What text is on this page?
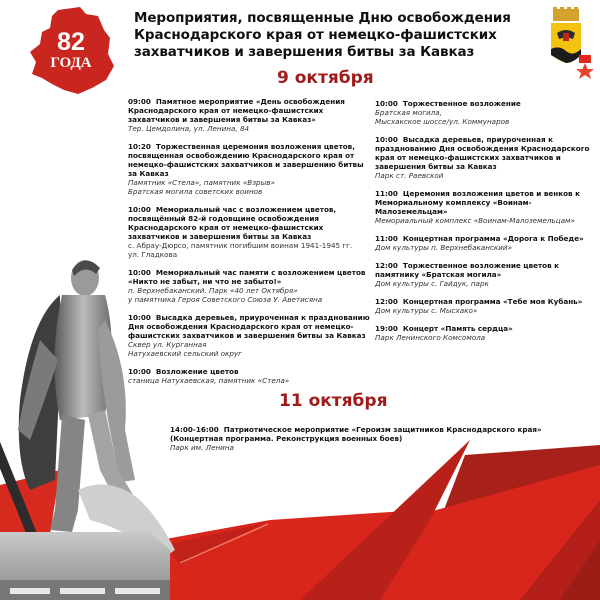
82
ГОДА
Мероприятия, посвященные Дню освобождения
Краснодарского края от немецко-фашистских
захватчиков и завершения битвы за Кавказ
9 октября
09:00 Памятное мероприятие «День освобождения Краснодарского края от немецко-фашистских захватчиков и завершения битвы за Кавказ»
Тер. Цемдолина, ул. Ленина, 84
10:20 Торжественная церемония возложения цветов, посвященная освобождению Краснодарского края от немецко-фашистских захватчиков и завершению битвы за Кавказ
Памятник «Стела», памятник «Взрыв»
Братская могила советских воинов
10:00 Мемориальный час с возложением цветов, посвящённый 82-й годовщине освобождения Краснодарского края от немецко-фашистских захватчиков и завершения битвы за Кавказ
с. Абрау-Дюрсо, памятник погибшим воинам 1941-1945 гг.
ул. Гладкова
10:00 Мемориальный час памяти с возложением цветов «Никто не забыт, ни что не забыто!»
п. Верхнебаканский. Парк «40 лет Октября»
у памятника Героя Советского Союза У. Аветисяна
10:00 Высадка деревьев, приуроченная к празднованию Дня освобождения Краснодарского края от немецко-фашистских захватчиков и завершения битвы за Кавказ
Сквер ул. Курганная
Натухаевский сельский округ
10:00 Возложение цветов
станица Натухаевская, памятник «Стела»
10:00 Торжественное возложение
Братская могила,
Мысхакское шоссе/ул. Коммунаров
10:00 Высадка деревьев, приуроченная к празднованию Дня освобождения Краснодарского края от немецко-фашистских захватчиков и завершения битвы за Кавказ
Парк ст. Раевской
11:00 Церемония возложения цветов и венков к Мемориальному комплексу «Воинам- Малоземельцам»
Мемориальный комплекс «Воинам-Малоземельцам»
11:00 Концертная программа «Дорога к Победе»
Дом культуры п. Верхнебаканский»
12:00 Торжественное возложение цветов к памятнику «Братская могила»
Дом культуры с. Гайдук, парк
12:00 Концертная программа «Тебе моя Кубань»
Дом культуры с. Мысхако»
19:00 Концерт «Память сердца»
Парк Ленинского Комсомола
11 октября
14:00-16:00 Патриотическое мероприятие «Героизм защитников Краснодарского края» (Концертная программа. Реконструкция военных боев)
Парк им. Ленина
